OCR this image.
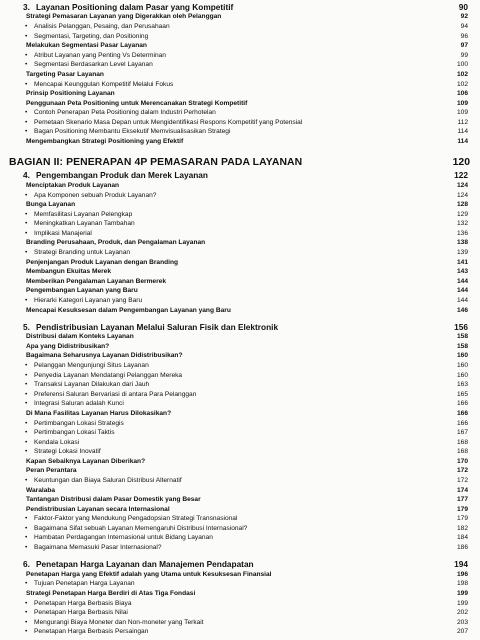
3. Layanan Positioning dalam Pasar yang Kompetitif	90
Strategi Pemasaran Layanan yang Digerakkan oleh Pelanggan	92
• Analisis Pelanggan, Pesaing, dan Perusahaan	94
• Segmentasi, Targeting, dan Positioning	96
Melakukan Segmentasi Pasar Layanan	97
• Atribut Layanan yang Penting Vs Determinan	99
• Segmentasi Berdasarkan Level Layanan	100
Targeting Pasar Layanan	102
• Mencapai Keunggulan Kompetitif Melalui Fokus	102
Prinsip Positioning Layanan	106
Penggunaan Peta Positioning untuk Merencanakan Strategi Kompetitif	109
• Contoh Penerapan Peta Positioning dalam Industri Perhotelan	109
• Pemetaan Skenario Masa Depan untuk Mengidentifikasi Respons Kompetitif yang Potensial	112
• Bagan Positioning Membantu Eksekutif Memvisualisasikan Strategi	114
Mengembangkan Strategi Positioning yang Efektif	114
BAGIAN II: PENERAPAN 4P PEMASARAN PADA LAYANAN	120
4. Pengembangan Produk dan Merek Layanan	122
Menciptakan Produk Layanan	124
• Apa Komponen sebuah Produk Layanan?	124
Bunga Layanan	128
• Memfasilitasi Layanan Pelengkap	129
• Meningkatkan Layanan Tambahan	132
• Implikasi Manajerial	136
Branding Perusahaan, Produk, dan Pengalaman Layanan	138
• Strategi Branding untuk Layanan	139
Penjenjangan Produk Layanan dengan Branding	141
Membangun Ekuitas Merek	143
Memberikan Pengalaman Layanan Bermerek	144
Pengembangan Layanan yang Baru	144
• Hierarki Kategori Layanan yang Baru	144
Mencapai Kesuksesan dalam Pengembangan Layanan yang Baru	146
5. Pendistribusian Layanan Melalui Saluran Fisik dan Elektronik	156
Distribusi dalam Konteks Layanan	158
Apa yang Didistribusikan?	158
Bagaimana Seharusnya Layanan Didistribusikan?	160
• Pelanggan Mengunjungi Situs Layanan	160
• Penyedia Layanan Mendatangi Pelanggan Mereka	160
• Transaksi Layanan Dilakukan dari Jauh	163
• Preferensi Saluran Bervariasi di antara Para Pelanggan	165
• Integrasi Saluran adalah Kunci	166
Di Mana Fasilitas Layanan Harus Dilokasikan?	166
• Pertimbangan Lokasi Strategis	166
• Pertimbangan Lokasi Taktis	167
• Kendala Lokasi	168
• Strategi Lokasi Inovatif	168
Kapan Sebaiknya Layanan Diberikan?	170
Peran Perantara	172
• Keuntungan dan Biaya Saluran Distribusi Alternatif	172
Waralaba	174
Tantangan Distribusi dalam Pasar Domestik yang Besar	177
Pendistribusian Layanan secara Internasional	179
• Faktor-Faktor yang Mendukung Pengadopsian Strategi Transnasional	179
• Bagaimana Sifat sebuah Layanan Memengaruhi Distribusi Internasional?	182
• Hambatan Perdagangan Internasional untuk Bidang Layanan	184
• Bagaimana Memasuki Pasar Internasional?	186
6. Penetapan Harga Layanan dan Manajemen Pendapatan	194
Penetapan Harga yang Efektif adalah yang Utama untuk Kesuksesan Finansial	196
• Tujuan Penetapan Harga Layanan	198
Strategi Penetapan Harga Berdiri di Atas Tiga Fondasi	199
• Penetapan Harga Berbasis Biaya	199
• Penetapan Harga Berbasis Nilai	202
• Mengurangi Biaya Moneter dan Non-moneter yang Terkait	203
• Penetapan Harga Berbasis Persaingan	207
